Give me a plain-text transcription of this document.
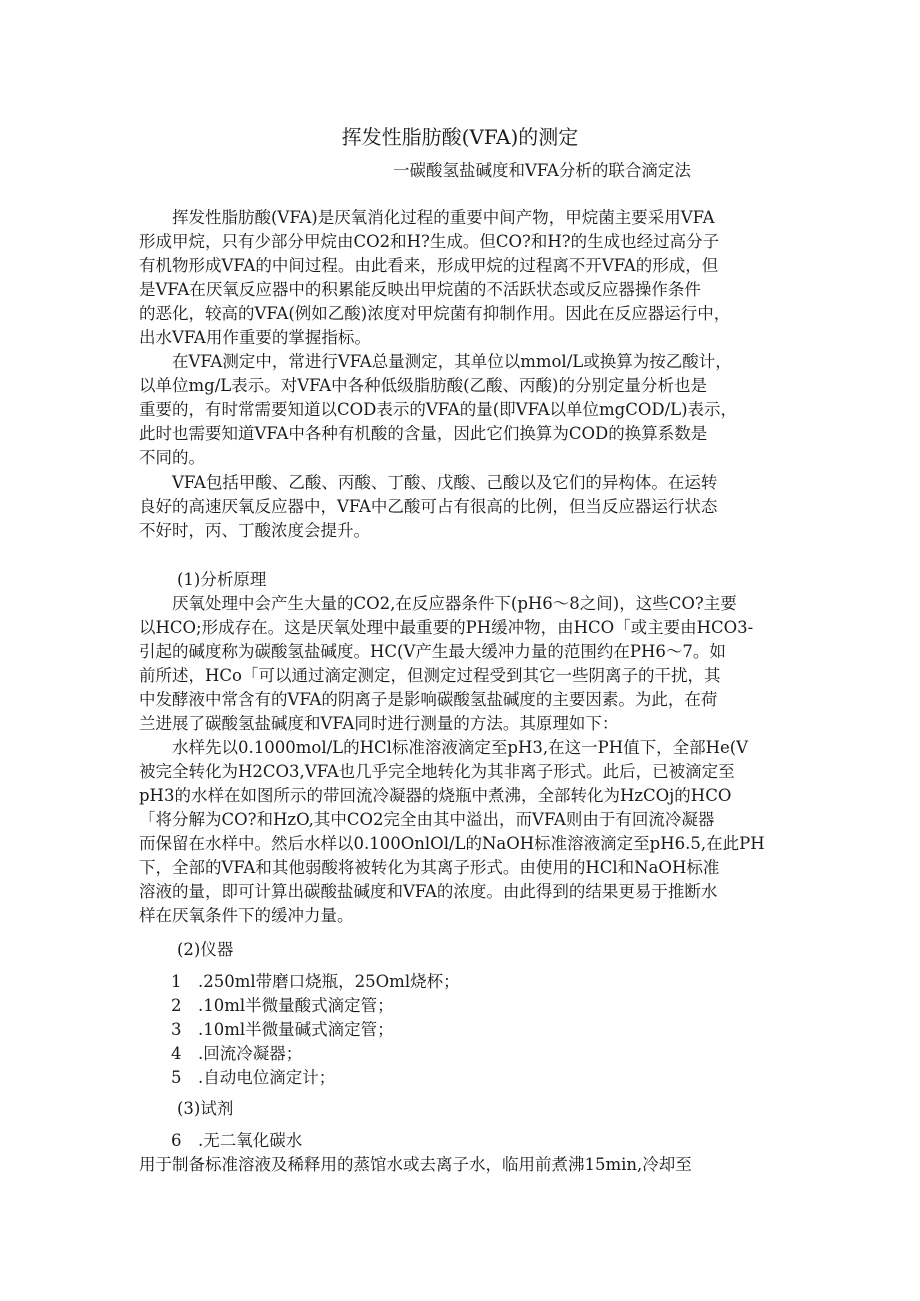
挥发性脂肪酸(VFA)的测定
一碳酸氢盐碱度和VFA分析的联合滴定法
　　挥发性脂肪酸(VFA)是厌氧消化过程的重要中间产物，甲烷菌主要采用VFA
形成甲烷，只有少部分甲烷由CO2和H?生成。但CO?和H?的生成也经过高分子
有机物形成VFA的中间过程。由此看来，形成甲烷的过程离不开VFA的形成，但
是VFA在厌氧反应器中的积累能反映出甲烷菌的不活跃状态或反应器操作条件
的恶化，较高的VFA(例如乙酸)浓度对甲烷菌有抑制作用。因此在反应器运行中，
出水VFA用作重要的掌握指标。
　　在VFA测定中，常进行VFA总量测定，其单位以mmol/L或换算为按乙酸计，
以单位mg/L表示。对VFA中各种低级脂肪酸(乙酸、丙酸)的分别定量分析也是
重要的，有时常需要知道以COD表示的VFA的量(即VFA以单位mgCOD/L)表示，
此时也需要知道VFA中各种有机酸的含量，因此它们换算为COD的换算系数是
不同的。
　　VFA包括甲酸、乙酸、丙酸、丁酸、戊酸、己酸以及它们的异构体。在运转
良好的高速厌氧反应器中，VFA中乙酸可占有很高的比例，但当反应器运行状态
不好时，丙、丁酸浓度会提升。
(1)分析原理
　　厌氧处理中会产生大量的CO2,在反应器条件下(pH6～8之间)，这些CO?主要
以HCO;形成存在。这是厌氧处理中最重要的PH缓冲物，由HCO「或主要由HCO3-
引起的碱度称为碳酸氢盐碱度。HC(V产生最大缓冲力量的范围约在PH6～7。如
前所述，HCo「可以通过滴定测定，但测定过程受到其它一些阴离子的干扰，其
中发酵液中常含有的VFA的阴离子是影响碳酸氢盐碱度的主要因素。为此，在荷
兰进展了碳酸氢盐碱度和VFA同时进行测量的方法。其原理如下：
　　水样先以0.1000mol/L的HCl标准溶液滴定至pH3,在这一PH值下，全部He(V
被完全转化为H2CO3,VFA也几乎完全地转化为其非离子形式。此后，已被滴定至
pH3的水样在如图所示的带回流冷凝器的烧瓶中煮沸，全部转化为HzCOj的HCO
「将分解为CO?和HzO,其中CO2完全由其中溢出，而VFA则由于有回流冷凝器
而保留在水样中。然后水样以0.100OnlOl/L的NaOH标准溶液滴定至pH6.5,在此PH
下，全部的VFA和其他弱酸将被转化为其离子形式。由使用的HCl和NaOH标准
溶液的量，即可计算出碳酸盐碱度和VFA的浓度。由此得到的结果更易于推断水
样在厌氧条件下的缓冲力量。
(2)仪器
1　.250ml带磨口烧瓶，25Oml烧杯；
2　.10ml半微量酸式滴定管；
3　.10ml半微量碱式滴定管；
4　.回流冷凝器；
5　.自动电位滴定计；
(3)试剂
6　.无二氧化碳水
用于制备标准溶液及稀释用的蒸馆水或去离子水，临用前煮沸15min,冷却至
